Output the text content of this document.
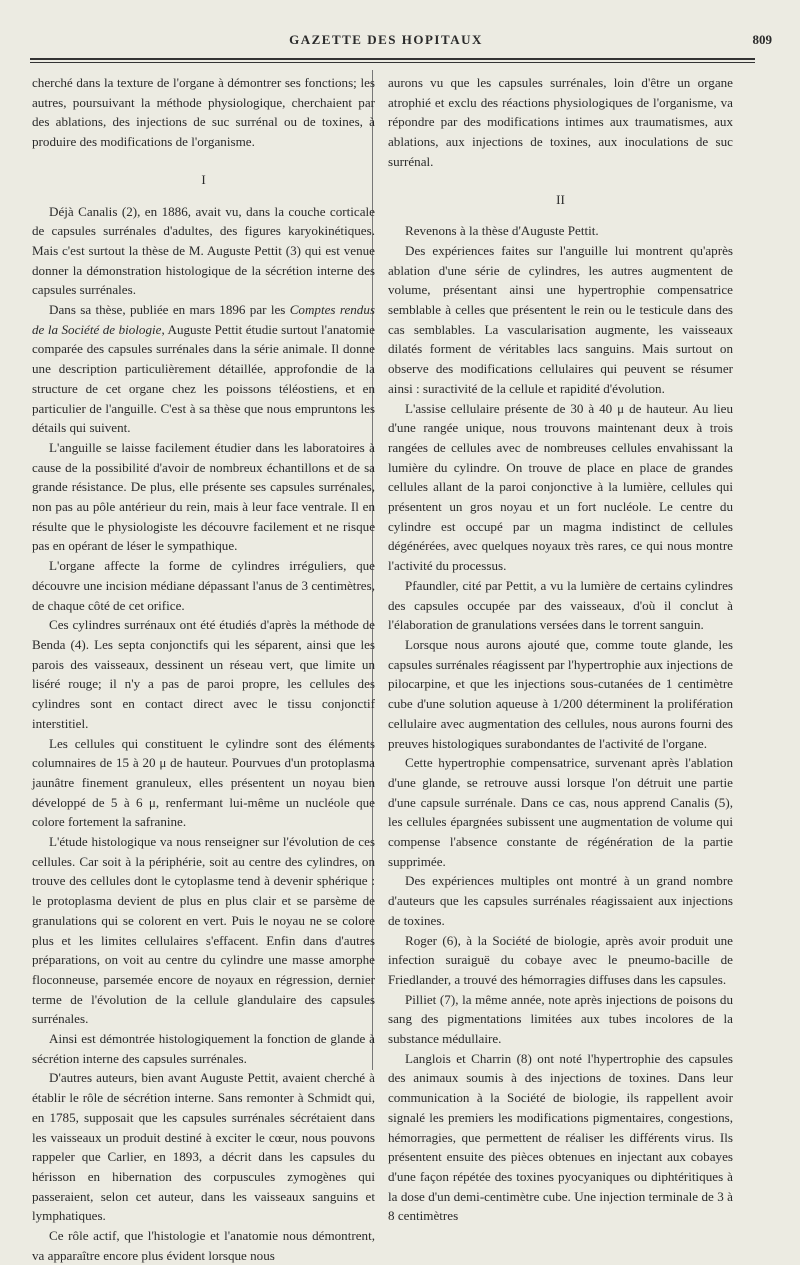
GAZETTE DES HOPITAUX	809

cherché dans la texture de l'organe à démontrer ses fonctions; les autres, poursuivant la méthode physiologique, cherchaient par des ablations, des injections de suc surrénal ou de toxines, à produire des modifications de l'organisme.

I

Déjà Canalis (2), en 1886, avait vu, dans la couche corticale de capsules surrénales d'adultes, des figures karyokinétiques. Mais c'est surtout la thèse de M. Auguste Pettit (3) qui est venue donner la démonstration histologique de la sécrétion interne des capsules surrénales.

Dans sa thèse, publiée en mars 1896 par les Comptes rendus de la Société de biologie, Auguste Pettit étudie surtout l'anatomie comparée des capsules surrénales dans la série animale. Il donne une description particulièrement détaillée, approfondie de la structure de cet organe chez les poissons téléostiens, et en particulier de l'anguille. C'est à sa thèse que nous empruntons les détails qui suivent.

L'anguille se laisse facilement étudier dans les laboratoires à cause de la possibilité d'avoir de nombreux échantillons et de sa grande résistance. De plus, elle présente ses capsules surrénales, non pas au pôle antérieur du rein, mais à leur face ventrale. Il en résulte que le physiologiste les découvre facilement et ne risque pas en opérant de léser le sympathique.

L'organe affecte la forme de cylindres irréguliers, que découvre une incision médiane dépassant l'anus de 3 centimètres, de chaque côté de cet orifice.

Ces cylindres surrénaux ont été étudiés d'après la méthode de Benda (4). Les septa conjonctifs qui les séparent, ainsi que les parois des vaisseaux, dessinent un réseau vert, que limite un liséré rouge; il n'y a pas de paroi propre, les cellules des cylindres sont en contact direct avec le tissu conjonctif interstitiel.

Les cellules qui constituent le cylindre sont des éléments columnaires de 15 à 20 μ de hauteur. Pourvues d'un protoplasma jaunâtre finement granuleux, elles présentent un noyau bien développé de 5 à 6 μ, renfermant lui-même un nucléole que colore fortement la safranine.

L'étude histologique va nous renseigner sur l'évolution de ces cellules. Car soit à la périphérie, soit au centre des cylindres, on trouve des cellules dont le cytoplasme tend à devenir sphérique : le protoplasma devient de plus en plus clair et se parsème de granulations qui se colorent en vert. Puis le noyau ne se colore plus et les limites cellulaires s'effacent. Enfin dans d'autres préparations, on voit au centre du cylindre une masse amorphe floconneuse, parsemée encore de noyaux en régression, dernier terme de l'évolution de la cellule glandulaire des capsules surrénales.

Ainsi est démontrée histologiquement la fonction de glande à sécrétion interne des capsules surrénales.

D'autres auteurs, bien avant Auguste Pettit, avaient cherché à établir le rôle de sécrétion interne. Sans remonter à Schmidt qui, en 1785, supposait que les capsules surrénales sécrétaient dans les vaisseaux un produit destiné à exciter le cœur, nous pouvons rappeler que Carlier, en 1893, a décrit dans les capsules du hérisson en hibernation des corpuscules zymogènes qui passeraient, selon cet auteur, dans les vaisseaux sanguins et lymphatiques.

Ce rôle actif, que l'histologie et l'anatomie nous démontrent, va apparaître encore plus évident lorsque nous

aurons vu que les capsules surrénales, loin d'être un organe atrophié et exclu des réactions physiologiques de l'organisme, va répondre par des modifications intimes aux traumatismes, aux ablations, aux injections de toxines, aux inoculations de suc surrénal.

II

Revenons à la thèse d'Auguste Pettit.

Des expériences faites sur l'anguille lui montrent qu'après ablation d'une série de cylindres, les autres augmentent de volume, présentant ainsi une hypertrophie compensatrice semblable à celles que présentent le rein ou le testicule dans des cas semblables. La vascularisation augmente, les vaisseaux dilatés forment de véritables lacs sanguins. Mais surtout on observe des modifications cellulaires qui peuvent se résumer ainsi : suractivité de la cellule et rapidité d'évolution.

L'assise cellulaire présente de 30 à 40 μ de hauteur. Au lieu d'une rangée unique, nous trouvons maintenant deux à trois rangées de cellules avec de nombreuses cellules envahissant la lumière du cylindre. On trouve de place en place de grandes cellules allant de la paroi conjonctive à la lumière, cellules qui présentent un gros noyau et un fort nucléole. Le centre du cylindre est occupé par un magma indistinct de cellules dégénérées, avec quelques noyaux très rares, ce qui nous montre l'activité du processus.

Pfaundler, cité par Pettit, a vu la lumière de certains cylindres des capsules occupée par des vaisseaux, d'où il conclut à l'élaboration de granulations versées dans le torrent sanguin.

Lorsque nous aurons ajouté que, comme toute glande, les capsules surrénales réagissent par l'hypertrophie aux injections de pilocarpine, et que les injections sous-cutanées de 1 centimètre cube d'une solution aqueuse à 1/200 déterminent la prolifération cellulaire avec augmentation des cellules, nous aurons fourni des preuves histologiques surabondantes de l'activité de l'organe.

Cette hypertrophie compensatrice, survenant après l'ablation d'une glande, se retrouve aussi lorsque l'on détruit une partie d'une capsule surrénale. Dans ce cas, nous apprend Canalis (5), les cellules épargnées subissent une augmentation de volume qui compense l'absence constante de régénération de la partie supprimée.

Des expériences multiples ont montré à un grand nombre d'auteurs que les capsules surrénales réagissaient aux injections de toxines.

Roger (6), à la Société de biologie, après avoir produit une infection suraiguë du cobaye avec le pneumo-bacille de Friedlander, a trouvé des hémorragies diffuses dans les capsules.

Pilliet (7), la même année, note après injections de poisons du sang des pigmentations limitées aux tubes incolores de la substance médullaire.

Langlois et Charrin (8) ont noté l'hypertrophie des capsules des animaux soumis à des injections de toxines. Dans leur communication à la Société de biologie, ils rappellent avoir signalé les premiers les modifications pigmentaires, congestions, hémorragies, que permettent de réaliser les différents virus. Ils présentent ensuite des pièces obtenues en injectant aux cobayes d'une façon répétée des toxines pyocyaniques ou diphtéritiques à la dose d'un demi-centimètre cube. Une injection terminale de 3 à 8 centimètres
